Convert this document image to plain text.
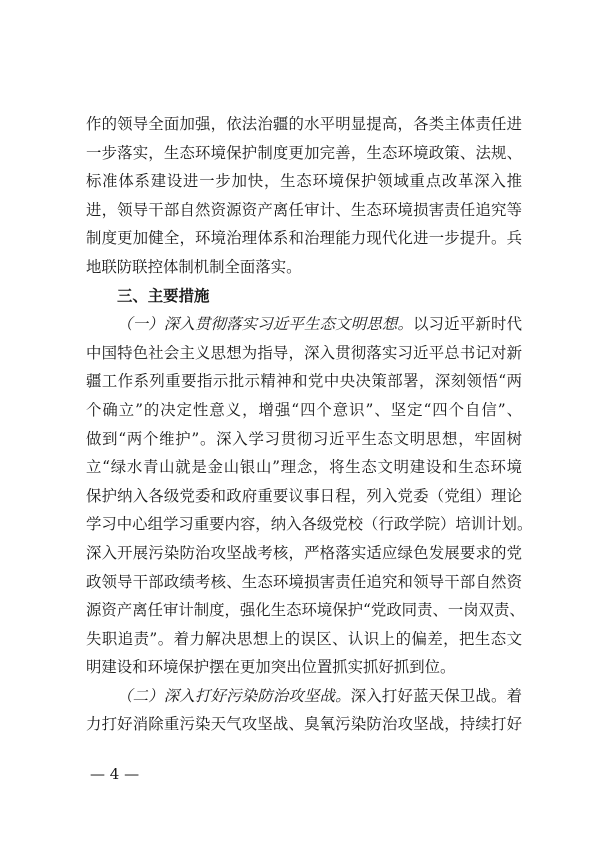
作的领导全面加强，依法治疆的水平明显提高，各类主体责任进
一步落实，生态环境保护制度更加完善，生态环境政策、法规、
标准体系建设进一步加快，生态环境保护领域重点改革深入推
进，领导干部自然资源资产离任审计、生态环境损害责任追究等
制度更加健全，环境治理体系和治理能力现代化进一步提升。兵
地联防联控体制机制全面落实。
三、主要措施
（一）深入贯彻落实习近平生态文明思想。以习近平新时代
中国特色社会主义思想为指导，深入贯彻落实习近平总书记对新
疆工作系列重要指示批示精神和党中央决策部署，深刻领悟“两
个确立”的决定性意义，增强“四个意识”、坚定“四个自信”、
做到“两个维护”。深入学习贯彻习近平生态文明思想，牢固树
立“绿水青山就是金山银山”理念，将生态文明建设和生态环境
保护纳入各级党委和政府重要议事日程，列入党委（党组）理论
学习中心组学习重要内容，纳入各级党校（行政学院）培训计划。
深入开展污染防治攻坚战考核，严格落实适应绿色发展要求的党
政领导干部政绩考核、生态环境损害责任追究和领导干部自然资
源资产离任审计制度，强化生态环境保护“党政同责、一岗双责、
失职追责”。着力解决思想上的误区、认识上的偏差，把生态文
明建设和环境保护摆在更加突出位置抓实抓好抓到位。
（二）深入打好污染防治攻坚战。深入打好蓝天保卫战。着
力打好消除重污染天气攻坚战、臭氧污染防治攻坚战，持续打好
— 4 —
